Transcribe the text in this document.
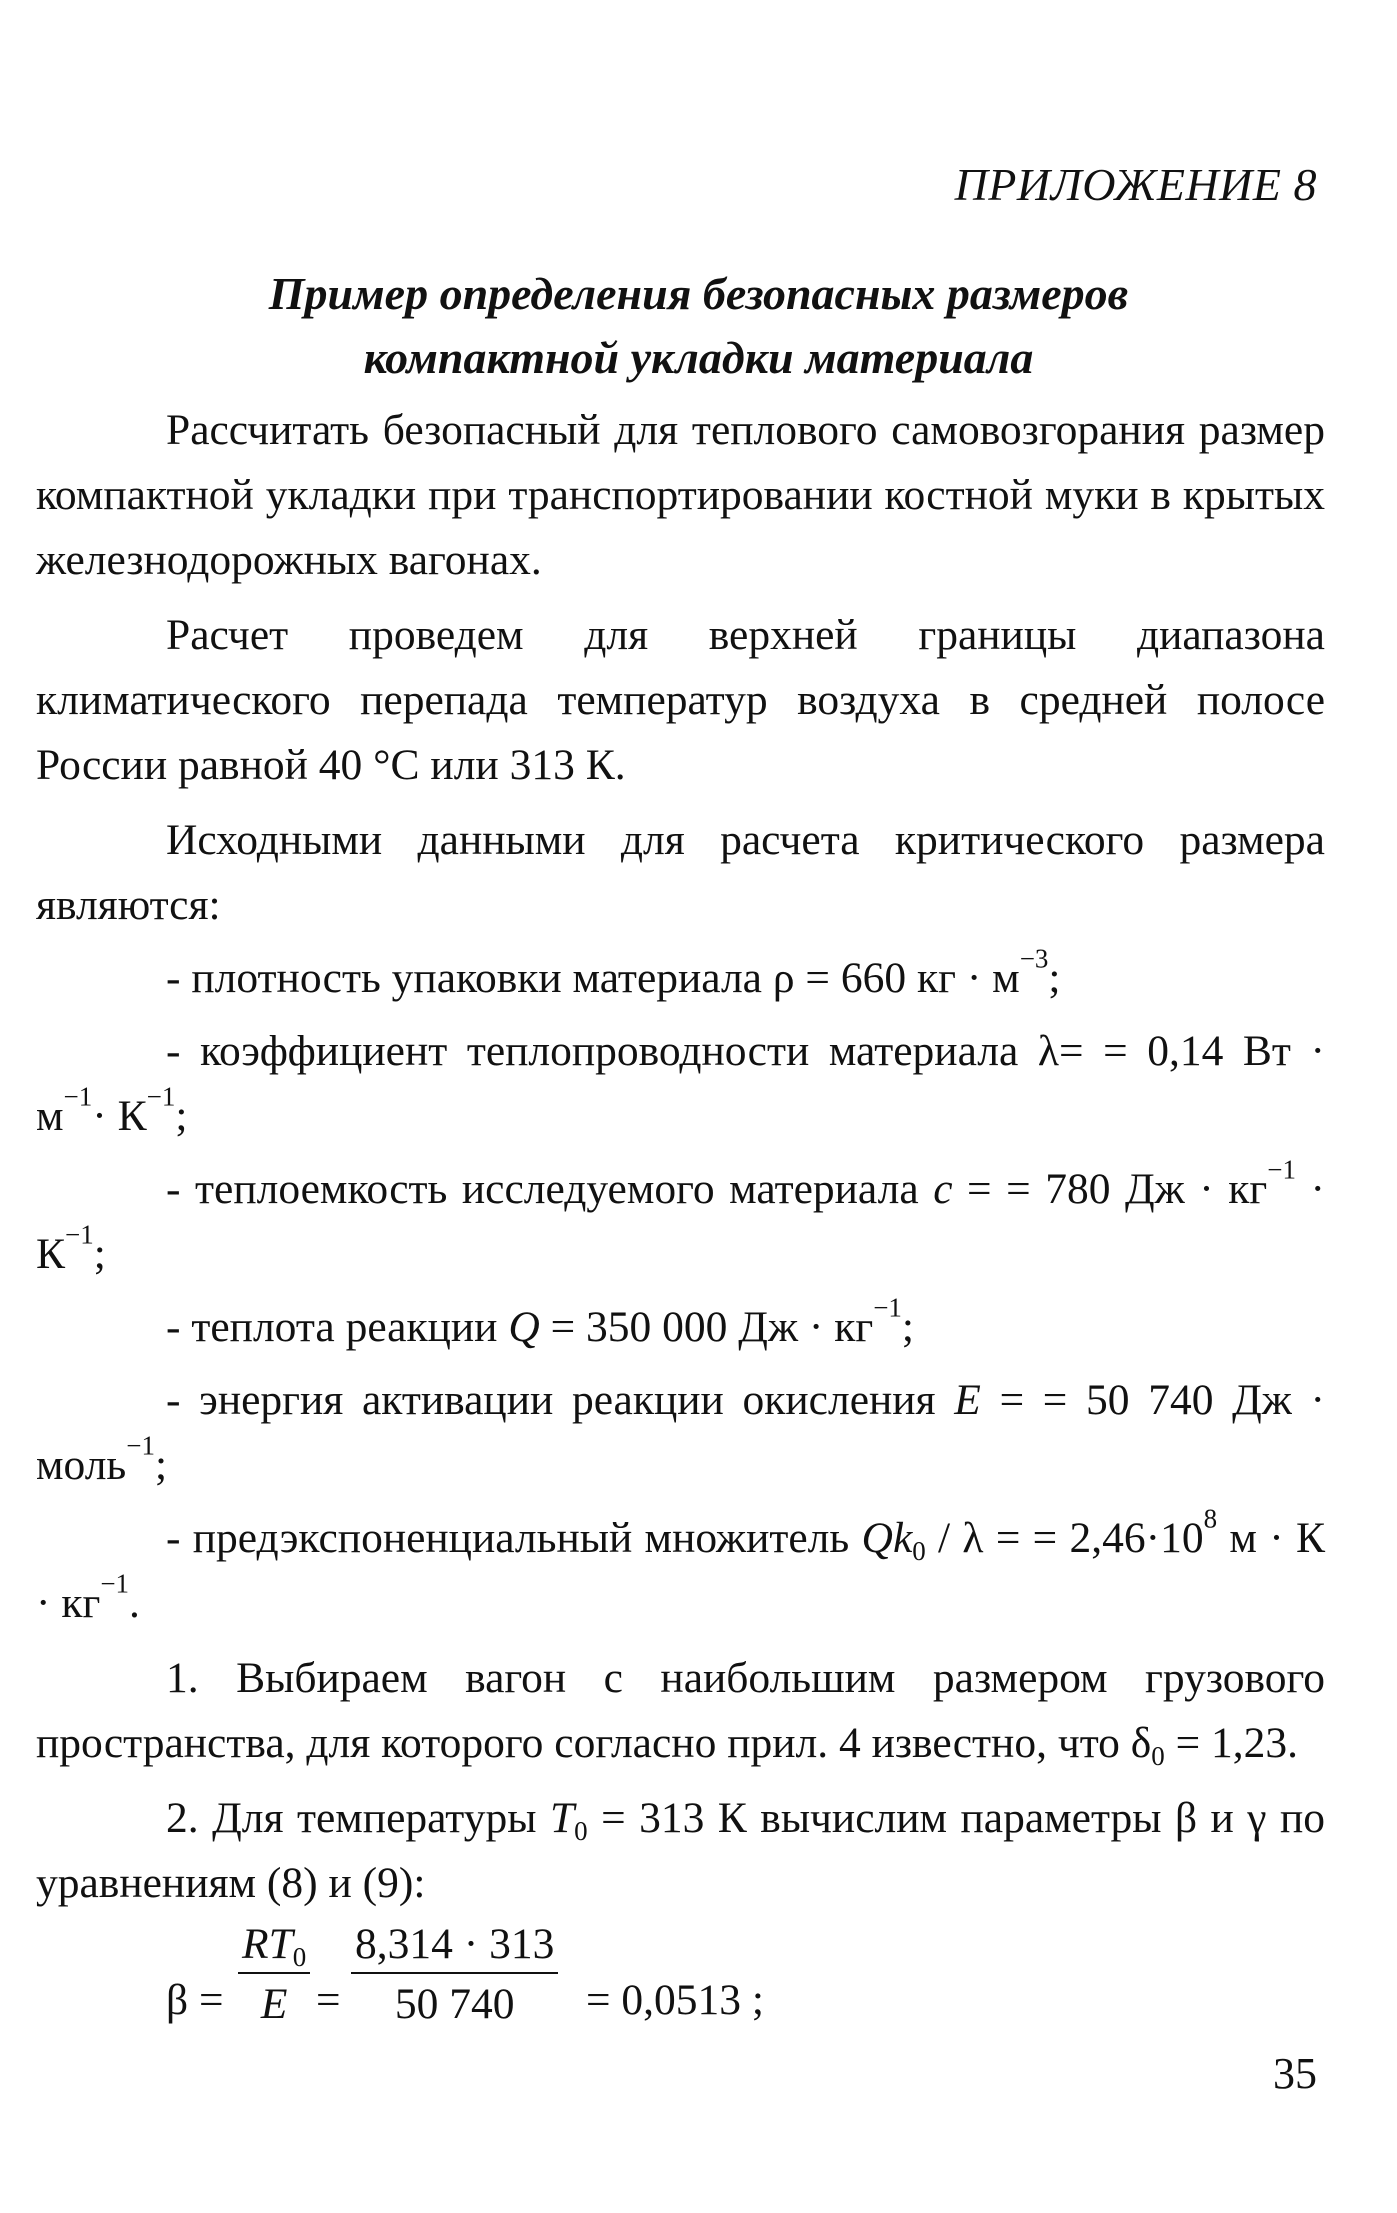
ПРИЛОЖЕНИЕ 8
Пример определения безопасных размеров
компактной укладки материала

Рассчитать безопасный для теплового самовозгорания размер компактной укладки при транспортировании костной муки в крытых железнодорожных вагонах.

Расчет проведем для верхней границы диапазона климатического перепада температур воздуха в средней полосе России равной 40 °С или 313 К.

Исходными данными для расчета критического размера являются:

- плотность упаковки материала ρ = 660 кг · $м^{-3}$;

- коэффициент теплопроводности материала λ= = 0,14 Вт · $м^{-1}\cdot К^{-1}$;

- теплоемкость исследуемого материала c = = 780 Дж · $кг^{-1} \cdot К^{-1}$;

- теплота реакции Q = 350 000 Дж · $кг^{-1}$;

- энергия активации реакции окисления E = = 50 740 Дж · моль$^{-1}$;

- предэкспоненциальный множитель $Qk_0$ / λ = = $2,46\cdot 10^8$ $м \cdot К \cdot кг^{-1}$.

1. Выбираем вагон с наибольшим размером грузового пространства, для которого согласно прил. 4 известно, что $\delta_0 = 1,23$.

2. Для температуры $T_0 = 313$ К вычислим параметры β и γ по уравнениям (8) и (9):

$\beta = \frac{RT_0}{E} = \frac{8,314 \cdot 313}{50 740} = 0,0513$ ;
35
